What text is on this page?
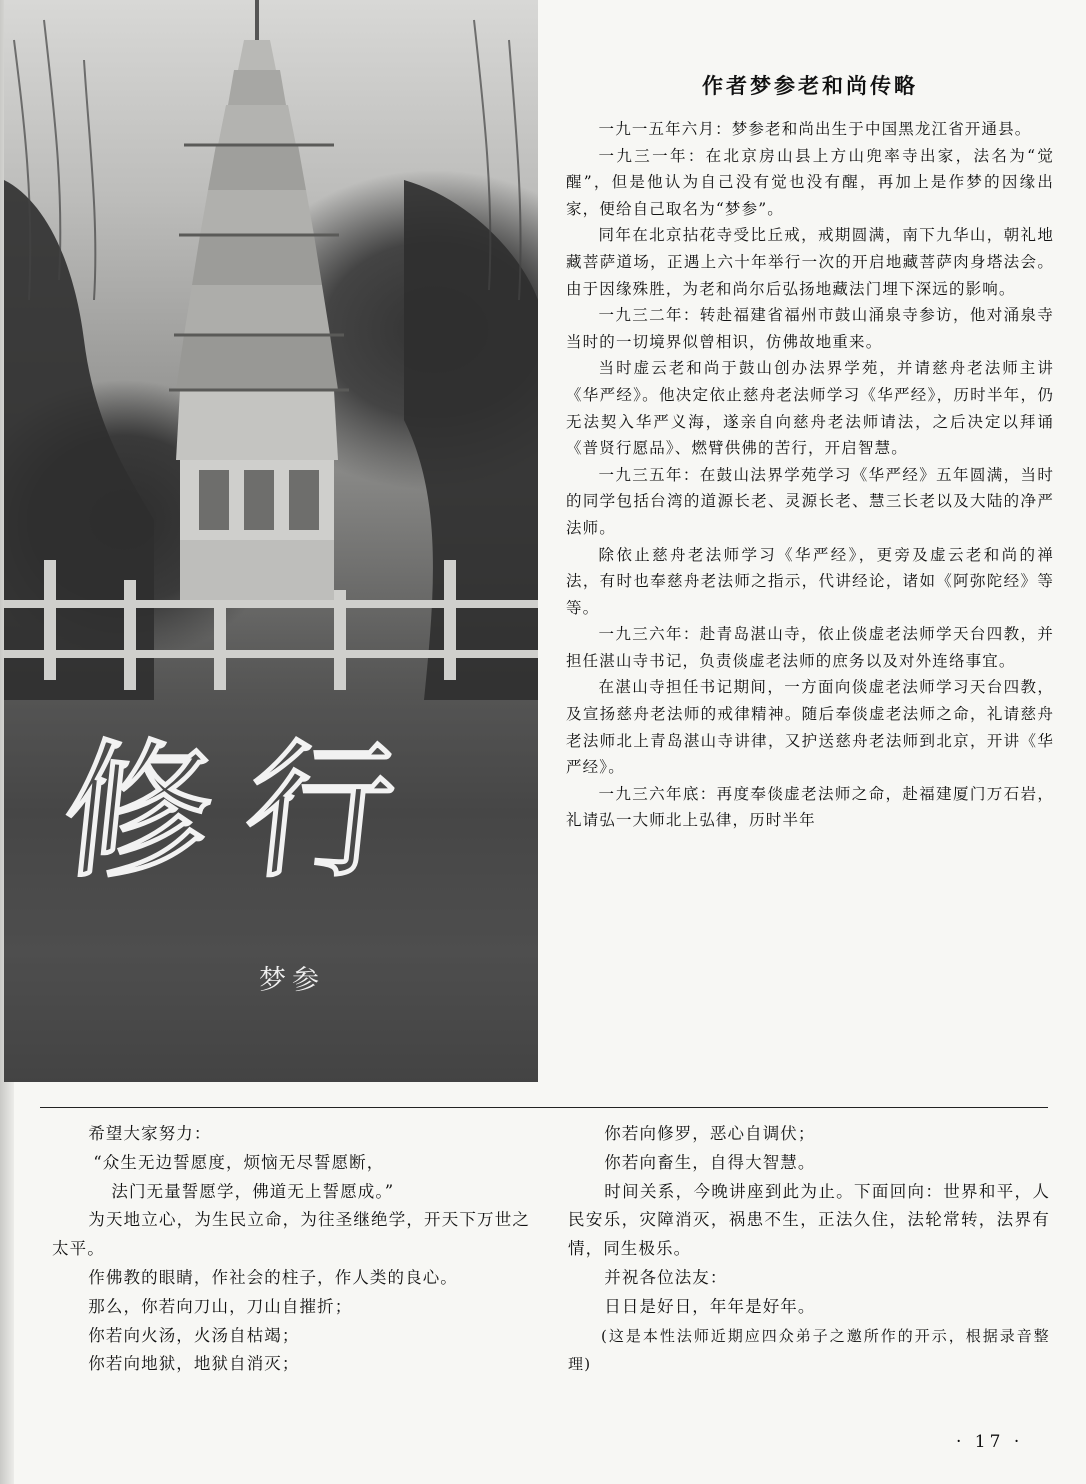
修行
梦参
作者梦参老和尚传略

一九一五年六月：梦参老和尚出生于中国黑龙江省开通县。

一九三一年：在北京房山县上方山兜率寺出家，法名为“觉醒”，但是他认为自己没有觉也没有醒，再加上是作梦的因缘出家，便给自己取名为“梦参”。

同年在北京拈花寺受比丘戒，戒期圆满，南下九华山，朝礼地藏菩萨道场，正遇上六十年举行一次的开启地藏菩萨肉身塔法会。由于因缘殊胜，为老和尚尔后弘扬地藏法门埋下深远的影响。

一九三二年：转赴福建省福州市鼓山涌泉寺参访，他对涌泉寺当时的一切境界似曾相识，仿佛故地重来。

当时虚云老和尚于鼓山创办法界学苑，并请慈舟老法师主讲《华严经》。他决定依止慈舟老法师学习《华严经》，历时半年，仍无法契入华严义海，遂亲自向慈舟老法师请法，之后决定以拜诵《普贤行愿品》、燃臂供佛的苦行，开启智慧。

一九三五年：在鼓山法界学苑学习《华严经》五年圆满，当时的同学包括台湾的道源长老、灵源长老、慧三长老以及大陆的净严法师。

除依止慈舟老法师学习《华严经》，更旁及虚云老和尚的禅法，有时也奉慈舟老法师之指示，代讲经论，诸如《阿弥陀经》等等。

一九三六年：赴青岛湛山寺，依止倓虚老法师学天台四教，并担任湛山寺书记，负责倓虚老法师的庶务以及对外连络事宜。

在湛山寺担任书记期间，一方面向倓虚老法师学习天台四教，及宣扬慈舟老法师的戒律精神。随后奉倓虚老法师之命，礼请慈舟老法师北上青岛湛山寺讲律，又护送慈舟老法师到北京，开讲《华严经》。

一九三六年底：再度奉倓虚老法师之命，赴福建厦门万石岩，礼请弘一大师北上弘律，历时半年

希望大家努力：

“众生无边誓愿度，烦恼无尽誓愿断，

法门无量誓愿学，佛道无上誓愿成。”

为天地立心，为生民立命，为往圣继绝学，开天下万世之太平。

作佛教的眼睛，作社会的柱子，作人类的良心。

那么，你若向刀山，刀山自摧折；

你若向火汤，火汤自枯竭；

你若向地狱，地狱自消灭；

你若向修罗，恶心自调伏；

你若向畜生，自得大智慧。

时间关系，今晚讲座到此为止。下面回向：世界和平，人民安乐，灾障消灭，祸患不生，正法久住，法轮常转，法界有情，同生极乐。

并祝各位法友：

日日是好日，年年是好年。

(这是本性法师近期应四众弟子之邀所作的开示，根据录音整理)

· 17 ·
